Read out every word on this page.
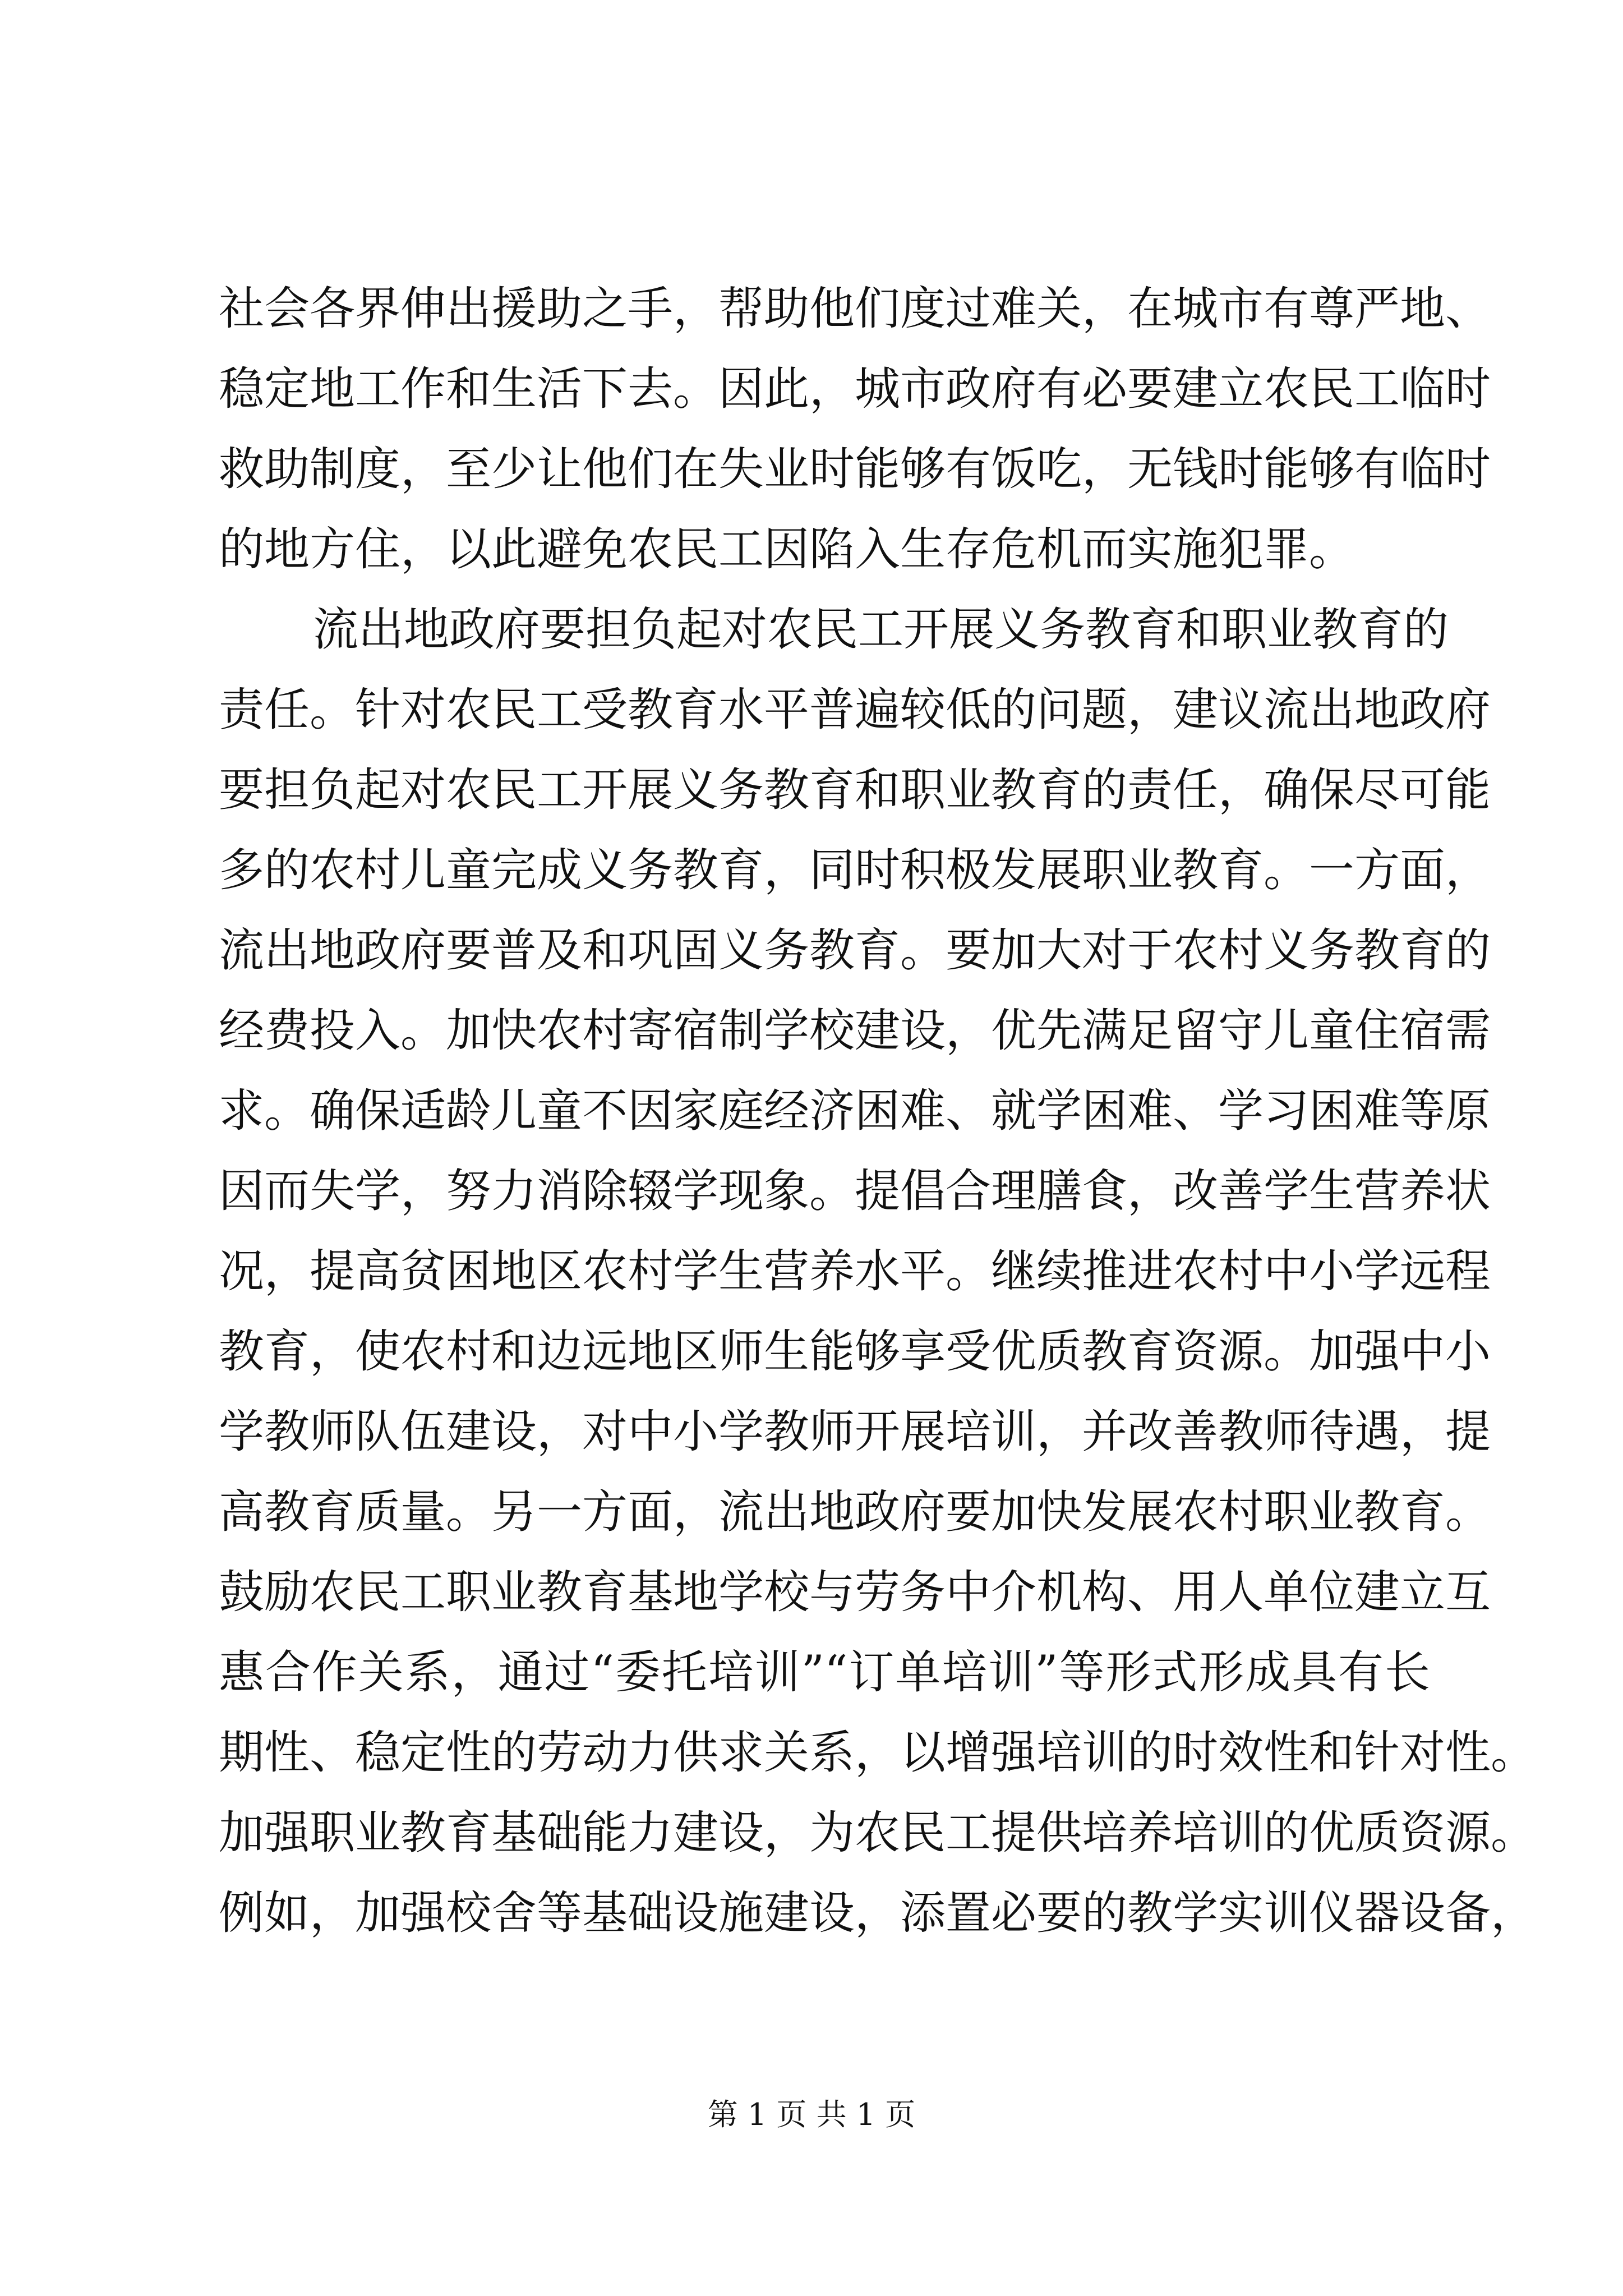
社会各界伸出援助之手，帮助他们度过难关，在城市有尊严地、
稳定地工作和生活下去。因此，城市政府有必要建立农民工临时
救助制度，至少让他们在失业时能够有饭吃，无钱时能够有临时
的地方住，以此避免农民工因陷入生存危机而实施犯罪。
流出地政府要担负起对农民工开展义务教育和职业教育的
责任。针对农民工受教育水平普遍较低的问题，建议流出地政府
要担负起对农民工开展义务教育和职业教育的责任，确保尽可能
多的农村儿童完成义务教育，同时积极发展职业教育。一方面，
流出地政府要普及和巩固义务教育。要加大对于农村义务教育的
经费投入。加快农村寄宿制学校建设，优先满足留守儿童住宿需
求。确保适龄儿童不因家庭经济困难、就学困难、学习困难等原
因而失学，努力消除辍学现象。提倡合理膳食，改善学生营养状
况，提高贫困地区农村学生营养水平。继续推进农村中小学远程
教育，使农村和边远地区师生能够享受优质教育资源。加强中小
学教师队伍建设，对中小学教师开展培训，并改善教师待遇，提
高教育质量。另一方面，流出地政府要加快发展农村职业教育。
鼓励农民工职业教育基地学校与劳务中介机构、用人单位建立互
惠合作关系，通过“委托培训”“订单培训”等形式形成具有长
期性、稳定性的劳动力供求关系，以增强培训的时效性和针对性。
加强职业教育基础能力建设，为农民工提供培养培训的优质资源。
例如，加强校舍等基础设施建设，添置必要的教学实训仪器设备，
第 1 页 共 1 页
